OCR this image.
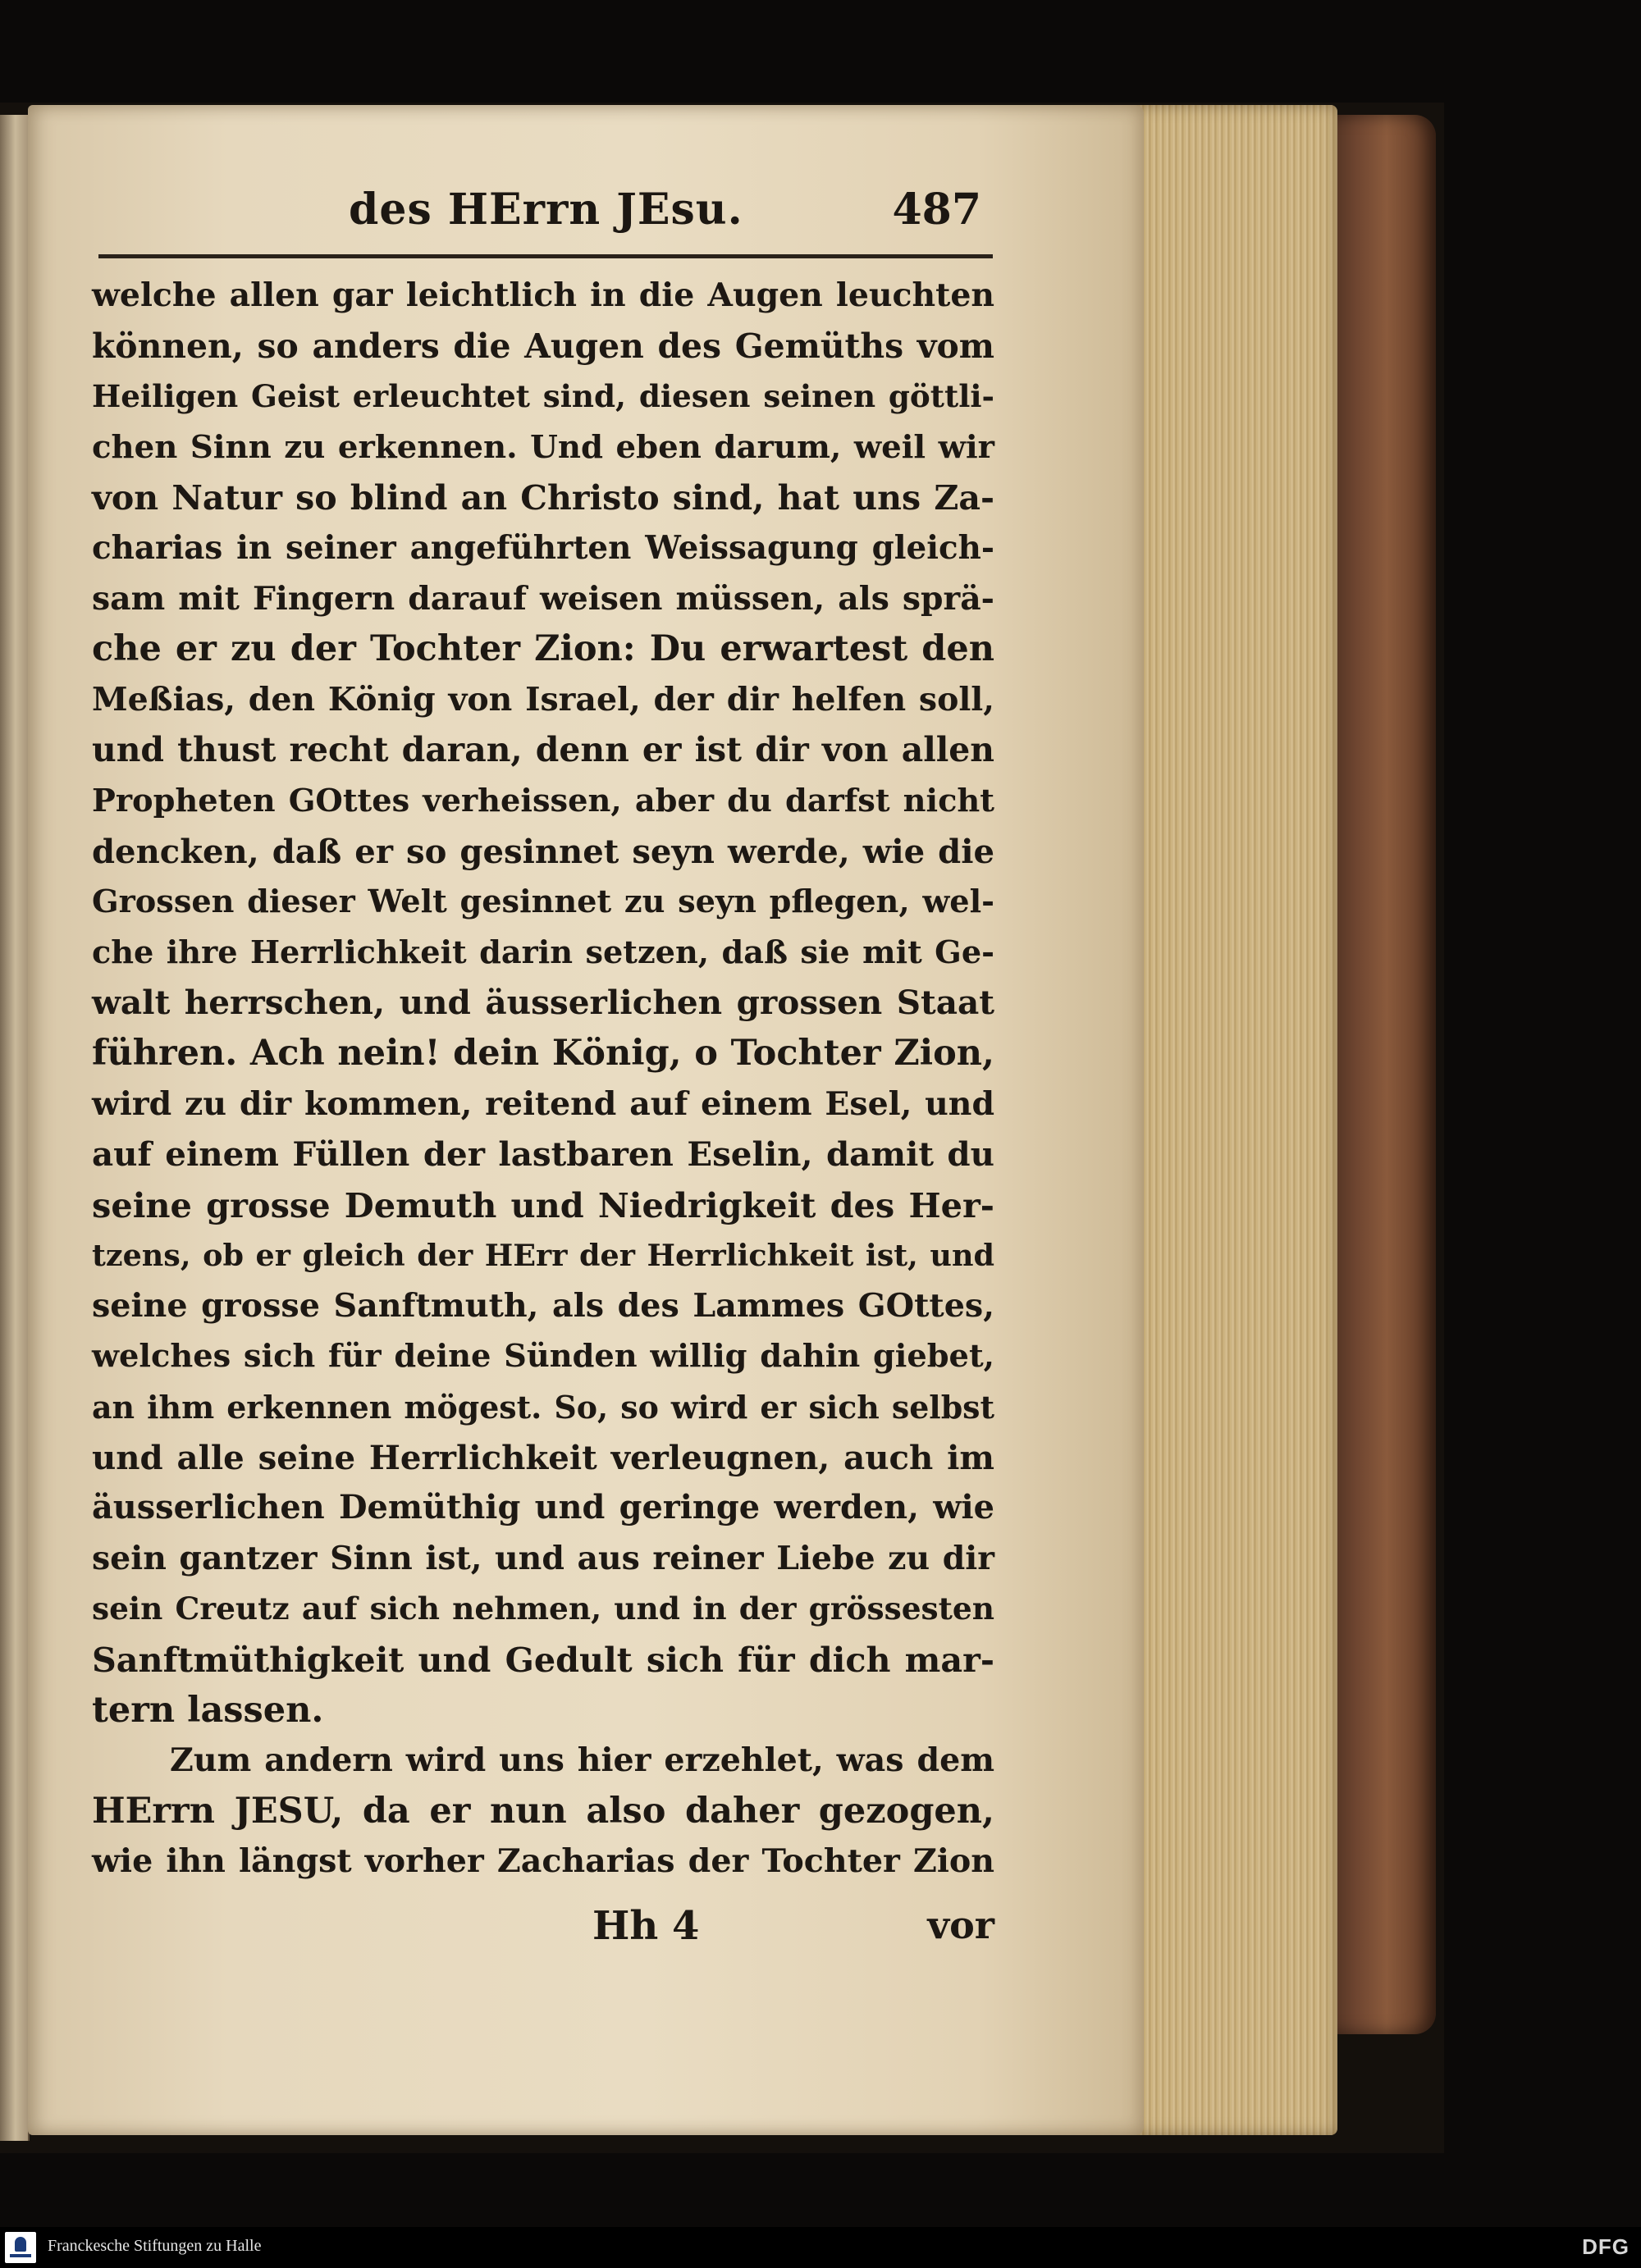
des HErrn JEsu.	487
welche allen gar leichtlich in die Augen leuchten
können, so anders die Augen des Gemüths vom
Heiligen Geist erleuchtet sind, diesen seinen göttli-
chen Sinn zu erkennen. Und eben darum, weil wir
von Natur so blind an Christo sind, hat uns Za-
charias in seiner angeführten Weissagung gleich-
sam mit Fingern darauf weisen müssen, als sprä-
che er zu der Tochter Zion: Du erwartest den
Meßias, den König von Israel, der dir helfen soll,
und thust recht daran, denn er ist dir von allen
Propheten GOttes verheissen, aber du darfst nicht
dencken, daß er so gesinnet seyn werde, wie die
Grossen dieser Welt gesinnet zu seyn pflegen, wel-
che ihre Herrlichkeit darin setzen, daß sie mit Ge-
walt herrschen, und äusserlichen grossen Staat
führen. Ach nein! dein König, o Tochter Zion,
wird zu dir kommen, reitend auf einem Esel, und
auf einem Füllen der lastbaren Eselin, damit du
seine grosse Demuth und Niedrigkeit des Her-
tzens, ob er gleich der HErr der Herrlichkeit ist, und
seine grosse Sanftmuth, als des Lammes GOttes,
welches sich für deine Sünden willig dahin giebet,
an ihm erkennen mögest. So, so wird er sich selbst
und alle seine Herrlichkeit verleugnen, auch im
äusserlichen Demüthig und geringe werden, wie
sein gantzer Sinn ist, und aus reiner Liebe zu dir
sein Creutz auf sich nehmen, und in der grössesten
Sanftmüthigkeit und Gedult sich für dich mar-
tern lassen.
Zum andern wird uns hier erzehlet, was dem
HErrn JESU, da er nun also daher gezogen,
wie ihn längst vorher Zacharias der Tochter Zion
Hh 4	vor
Franckesche Stiftungen zu Halle	DFG
